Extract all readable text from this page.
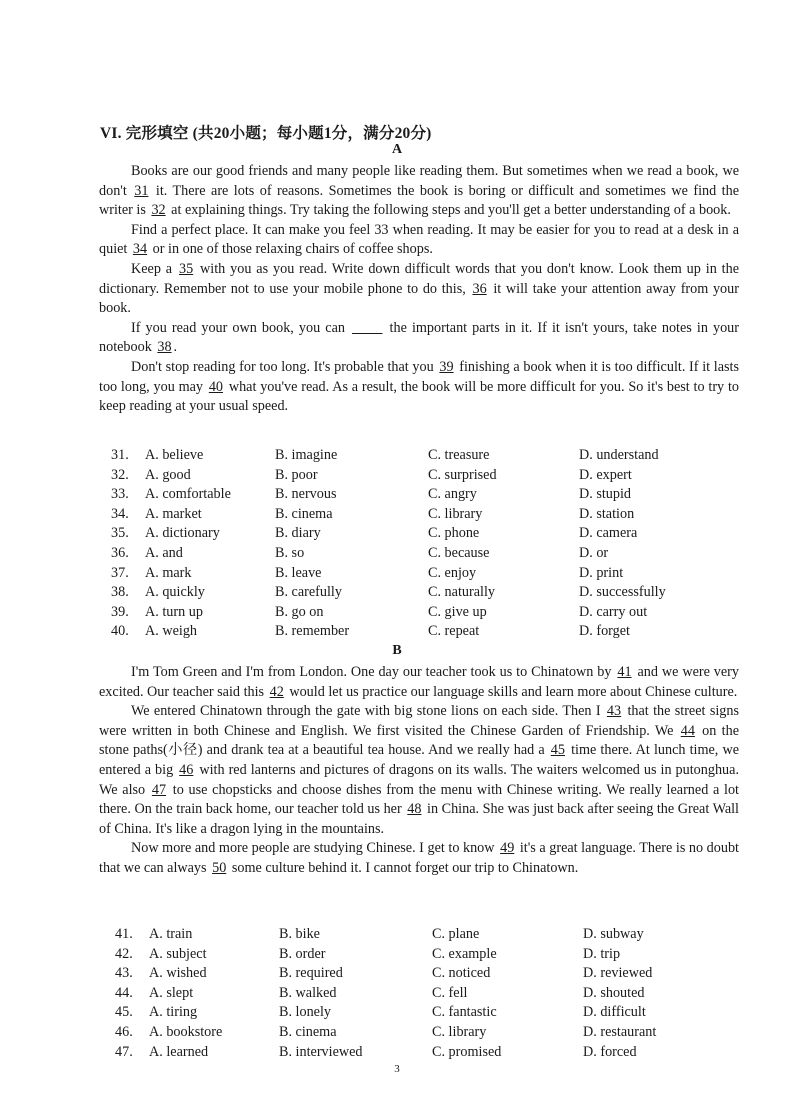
VI. 完形填空 (共20小题；每小题1分，满分20分)
A

Books are our good friends and many people like reading them. But sometimes when we read a book, we don't 31 it. There are lots of reasons. Sometimes the book is boring or difficult and sometimes we find the writer is 32 at explaining things. Try taking the following steps and you'll get a better understanding of a book.

Find a perfect place. It can make you feel 33 when reading. It may be easier for you to read at a desk in a quiet 34 or in one of those relaxing chairs of coffee shops.

Keep a 35 with you as you read. Write down difficult words that you don't know. Look them up in the dictionary. Remember not to use your mobile phone to do this, 36 it will take your attention away from your book.

If you read your own book, you can        the important parts in it. If it isn't yours, take notes in your notebook 38 .

Don't stop reading for too long. It's probable that you 39 finishing a book when it is too difficult. If it lasts too long, you may 40 what you've read. As a result, the book will be more difficult for you. So it's best to try to keep reading at your usual speed.

31. A. believe	B. imagine	C. treasure	D. understand
32. A. good	B. poor	C. surprised	D. expert
33. A. comfortable	B. nervous	C. angry	D. stupid
34. A. market	B. cinema	C. library	D. station
35. A. dictionary	B. diary	C. phone	D. camera
36. A. and	B. so	C. because	D. or
37. A. mark	B. leave	C. enjoy	D. print
38. A. quickly	B. carefully	C. naturally	D. successfully
39. A. turn up	B. go on	C. give up	D. carry out
40. A. weigh	B. remember	C. repeat	D. forget
B

I'm Tom Green and I'm from London. One day our teacher took us to Chinatown by 41 and we were very excited. Our teacher said this 42 would let us practice our language skills and learn more about Chinese culture.

We entered Chinatown through the gate with big stone lions on each side. Then I 43 that the street signs were written in both Chinese and English. We first visited the Chinese Garden of Friendship. We 44 on the stone paths(小径) and drank tea at a beautiful tea house. And we really had a 45 time there. At lunch time, we entered a big 46 with red lanterns and pictures of dragons on its walls. The waiters welcomed us in putonghua. We also 47 to use chopsticks and choose dishes from the menu with Chinese writing. We really learned a lot there. On the train back home, our teacher told us her 48 in China. She was just back after seeing the Great Wall of China. It's like a dragon lying in the mountains.

Now more and more people are studying Chinese. I get to know 49 it's a great language. There is no doubt that we can always 50 some culture behind it. I cannot forget our trip to Chinatown.

41. A. train	B. bike	C. plane	D. subway
42. A. subject	B. order	C. example	D. trip
43. A. wished	B. required	C. noticed	D. reviewed
44. A. slept	B. walked	C. fell	D. shouted
45. A. tiring	B. lonely	C. fantastic	D. difficult
46. A. bookstore	B. cinema	C. library	D. restaurant
47. A. learned	B. interviewed	C. promised	D. forced
3
